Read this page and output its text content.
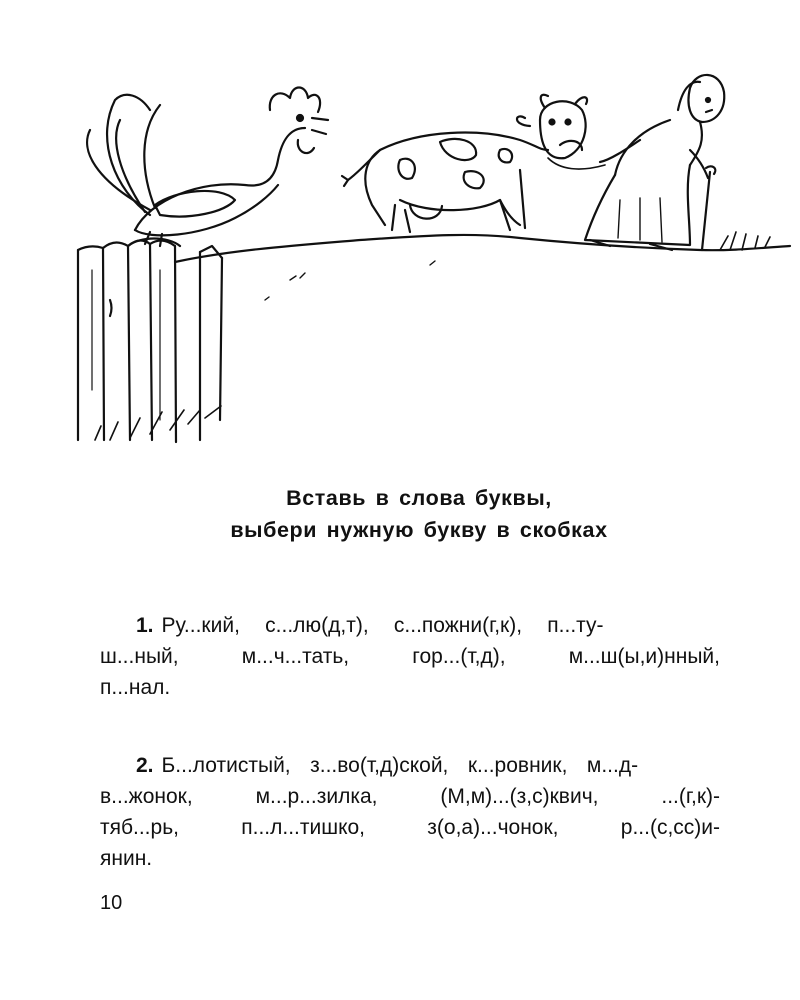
Вставь в слова буквы,
выбери нужную букву в скобках
1. Ру...кий, с...лю(д,т), с...пожни(г,к), п...ту-
ш...ный, м...ч...тать, гор...(т,д), м...ш(ы,и)нный,
п...нал.
2. Б...лотистый, з...во(т,д)ской, к...ровник, м...д-
в...жонок, м...р...зилка, (М,м)...(з,с)квич, ...(г,к)-
тяб...рь, п...л...тишко, з(о,а)...чонок, р...(с,сс)и-
янин.
10
